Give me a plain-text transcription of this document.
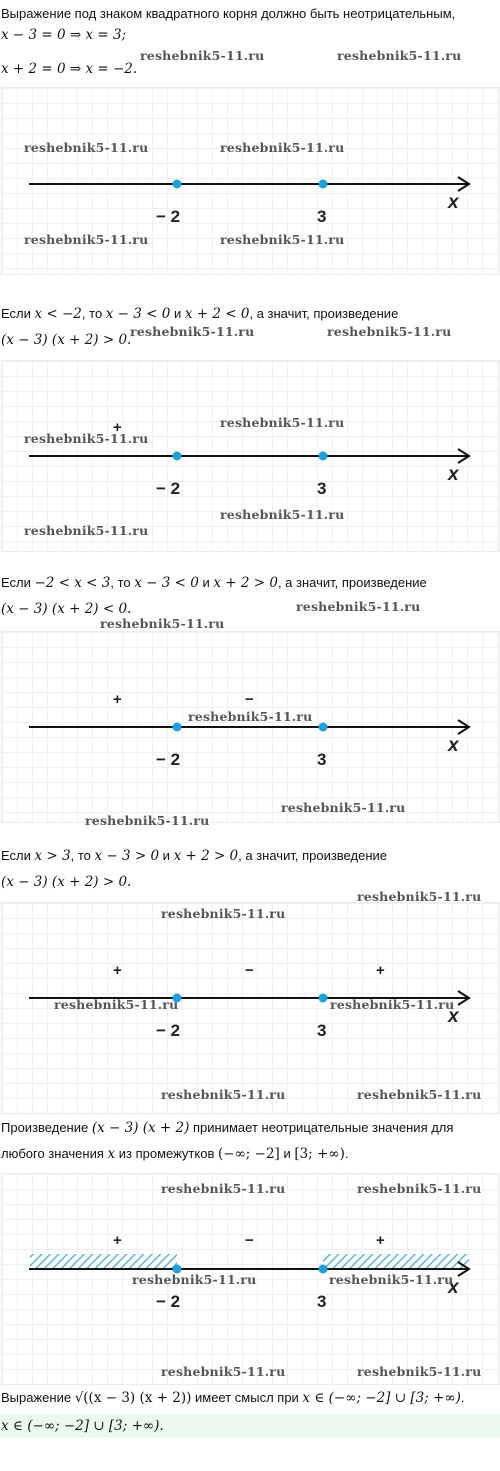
Выражение под знаком квадратного корня должно быть неотрицательным,
x − 3 = 0 ⇒ x = 3;
x + 2 = 0 ⇒ x = −2.
reshebnik5-11.ru	reshebnik5-11.ru
− 2	3
x
reshebnik5-11.ru	reshebnik5-11.ru
reshebnik5-11.ru	reshebnik5-11.ru
Если x < −2, то x − 3 < 0 и x + 2 < 0, а значит, произведение
(x − 3) (x + 2) > 0.
reshebnik5-11.ru	reshebnik5-11.ru
+
− 2	3
x
reshebnik5-11.ru
reshebnik5-11.ru
reshebnik5-11.ru
reshebnik5-11.ru
Если −2 < x < 3, то x − 3 < 0 и x + 2 > 0, а значит, произведение
(x − 3) (x + 2) < 0.	reshebnik5-11.ru
reshebnik5-11.ru
+	−
− 2	3
x
reshebnik5-11.ru
reshebnik5-11.ru
reshebnik5-11.ru
Если x > 3, то x − 3 > 0 и x + 2 > 0, а значит, произведение
(x − 3) (x + 2) > 0.
+	−	+
− 2	3
x
reshebnik5-11.ru
reshebnik5-11.ru
reshebnik5-11.ru	reshebnik5-11.ru
reshebnik5-11.ru	reshebnik5-11.ru
Произведение (x − 3) (x + 2) принимает неотрицательные значения для
любого значения x из промежутков (−∞; −2] и [3; +∞).
+	−	+
− 2	3
x
reshebnik5-11.ru	reshebnik5-11.ru
reshebnik5-11.ru	reshebnik5-11.ru
reshebnik5-11.ru	reshebnik5-11.ru
Выражение √((x − 3) (x + 2)) имеет смысл при x ∈ (−∞; −2] ∪ [3; +∞).
x ∈ (−∞; −2] ∪ [3; +∞).
